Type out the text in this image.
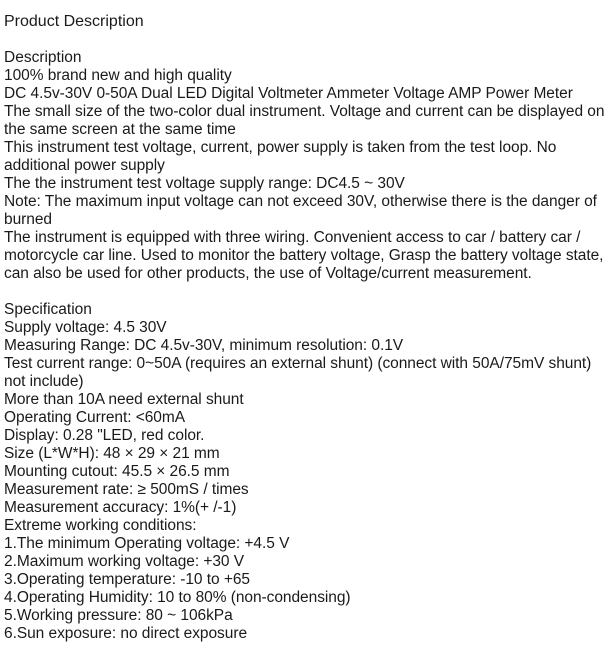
Product Description
Description
100% brand new and high quality
DC 4.5v-30V 0-50A Dual LED Digital Voltmeter Ammeter Voltage AMP Power Meter
The small size of the two-color dual instrument. Voltage and current can be displayed on the same screen at the same time
This instrument test voltage, current, power supply is taken from the test loop. No additional power supply
The the instrument test voltage supply range: DC4.5 ~ 30V
Note: The maximum input voltage can not exceed 30V, otherwise there is the danger of burned
The instrument is equipped with three wiring. Convenient access to car / battery car / motorcycle car line. Used to monitor the battery voltage, Grasp the battery voltage state, can also be used for other products, the use of Voltage/current measurement.
Specification
Supply voltage: 4.5 30V
Measuring Range: DC 4.5v-30V, minimum resolution: 0.1V
Test current range: 0~50A (requires an external shunt) (connect with 50A/75mV shunt) not include)
More than 10A need external shunt
Operating Current: <60mA
Display: 0.28 "LED, red color.
Size (L*W*H): 48 × 29 × 21 mm
Mounting cutout: 45.5 × 26.5 mm
Measurement rate: ≥ 500mS / times
Measurement accuracy: 1%(+ /-1)
Extreme working conditions:
1.The minimum Operating voltage: +4.5 V
2.Maximum working voltage: +30 V
3.Operating temperature: -10 to +65
4.Operating Humidity: 10 to 80% (non-condensing)
5.Working pressure: 80 ~ 106kPa
6.Sun exposure: no direct exposure
